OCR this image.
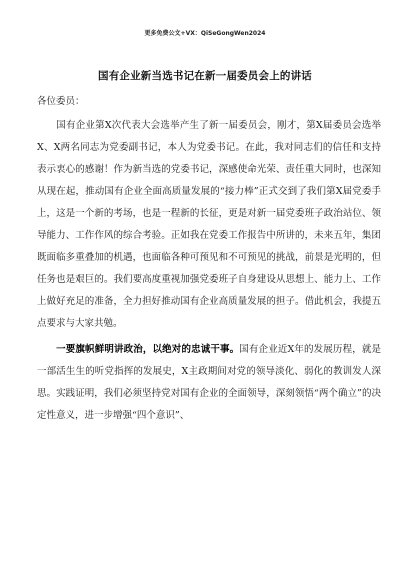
更多免费公文+VX：QiSeGongWen2024
国有企业新当选书记在新一届委员会上的讲话
各位委员：

国有企业第X次代表大会选举产生了新一届委员会，刚才，第X届委员会选举X、X两名同志为党委副书记，本人为党委书记。在此，我对同志们的信任和支持表示衷心的感谢！作为新当选的党委书记，深感使命光荣、责任重大同时，也深知从现在起，推动国有企业全面高质量发展的“接力棒”正式交到了我们第X届党委手上，这是一个新的考场，也是一程新的长征，更是对新一届党委班子政治站位、领导能力、工作作风的综合考验。正如我在党委工作报告中所讲的，未来五年，集团既面临多重叠加的机遇，也面临各种可预见和不可预见的挑战，前景是光明的，但任务也是艰巨的。我们要高度重视加强党委班子自身建设从思想上、能力上、工作上做好充足的准备，全力担好推动国有企业高质量发展的担子。借此机会，我提五点要求与大家共勉。

一要旗帜鲜明讲政治，以绝对的忠诚干事。国有企业近X年的发展历程，就是一部活生生的听党指挥的发展史，X主政期间对党的领导淡化、弱化的教训发人深思。实践证明，我们必须坚持党对国有企业的全面领导，深刻领悟“两个确立”的决定性意义，进一步增强“四个意识”、
